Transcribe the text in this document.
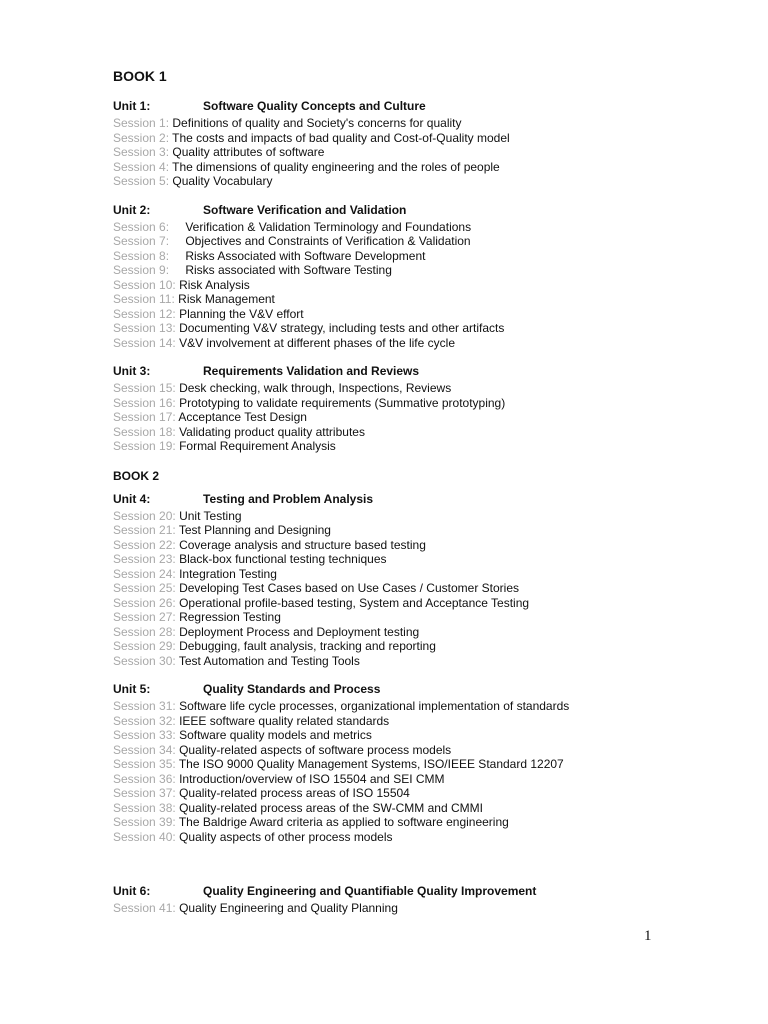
BOOK 1
Unit 1:	Software Quality Concepts and Culture
Session 1: Definitions of quality and Society's concerns for quality
Session 2: The costs and impacts of bad quality and Cost-of-Quality model
Session 3: Quality attributes of software
Session 4: The dimensions of quality engineering and the roles of people
Session 5: Quality Vocabulary
Unit 2:	Software Verification and Validation
Session 6: Verification & Validation Terminology and Foundations
Session 7: Objectives and Constraints of Verification & Validation
Session 8: Risks Associated with Software Development
Session 9: Risks associated with Software Testing
Session 10: Risk Analysis
Session 11: Risk Management
Session 12: Planning the V&V effort
Session 13: Documenting V&V strategy, including tests and other artifacts
Session 14: V&V involvement at different phases of the life cycle
Unit 3:	Requirements Validation and Reviews
Session 15: Desk checking, walk through, Inspections, Reviews
Session 16: Prototyping to validate requirements (Summative prototyping)
Session 17: Acceptance Test Design
Session 18: Validating product quality attributes
Session 19: Formal Requirement Analysis
BOOK 2
Unit 4:	Testing and Problem Analysis
Session 20: Unit Testing
Session 21: Test Planning and Designing
Session 22: Coverage analysis and structure based testing
Session 23: Black-box functional testing techniques
Session 24: Integration Testing
Session 25: Developing Test Cases based on Use Cases / Customer Stories
Session 26: Operational profile-based testing, System and Acceptance Testing
Session 27: Regression Testing
Session 28: Deployment Process and Deployment testing
Session 29: Debugging, fault analysis, tracking and reporting
Session 30: Test Automation and Testing Tools
Unit 5:	Quality Standards and Process
Session 31: Software life cycle processes, organizational implementation of standards
Session 32: IEEE software quality related standards
Session 33: Software quality models and metrics
Session 34: Quality-related aspects of software process models
Session 35: The ISO 9000 Quality Management Systems, ISO/IEEE Standard 12207
Session 36: Introduction/overview of ISO 15504 and SEI CMM
Session 37: Quality-related process areas of ISO 15504
Session 38: Quality-related process areas of the SW-CMM and CMMI
Session 39: The Baldrige Award criteria as applied to software engineering
Session 40: Quality aspects of other process models
Unit 6:	Quality Engineering and Quantifiable Quality Improvement
Session 41: Quality Engineering and Quality Planning
1
